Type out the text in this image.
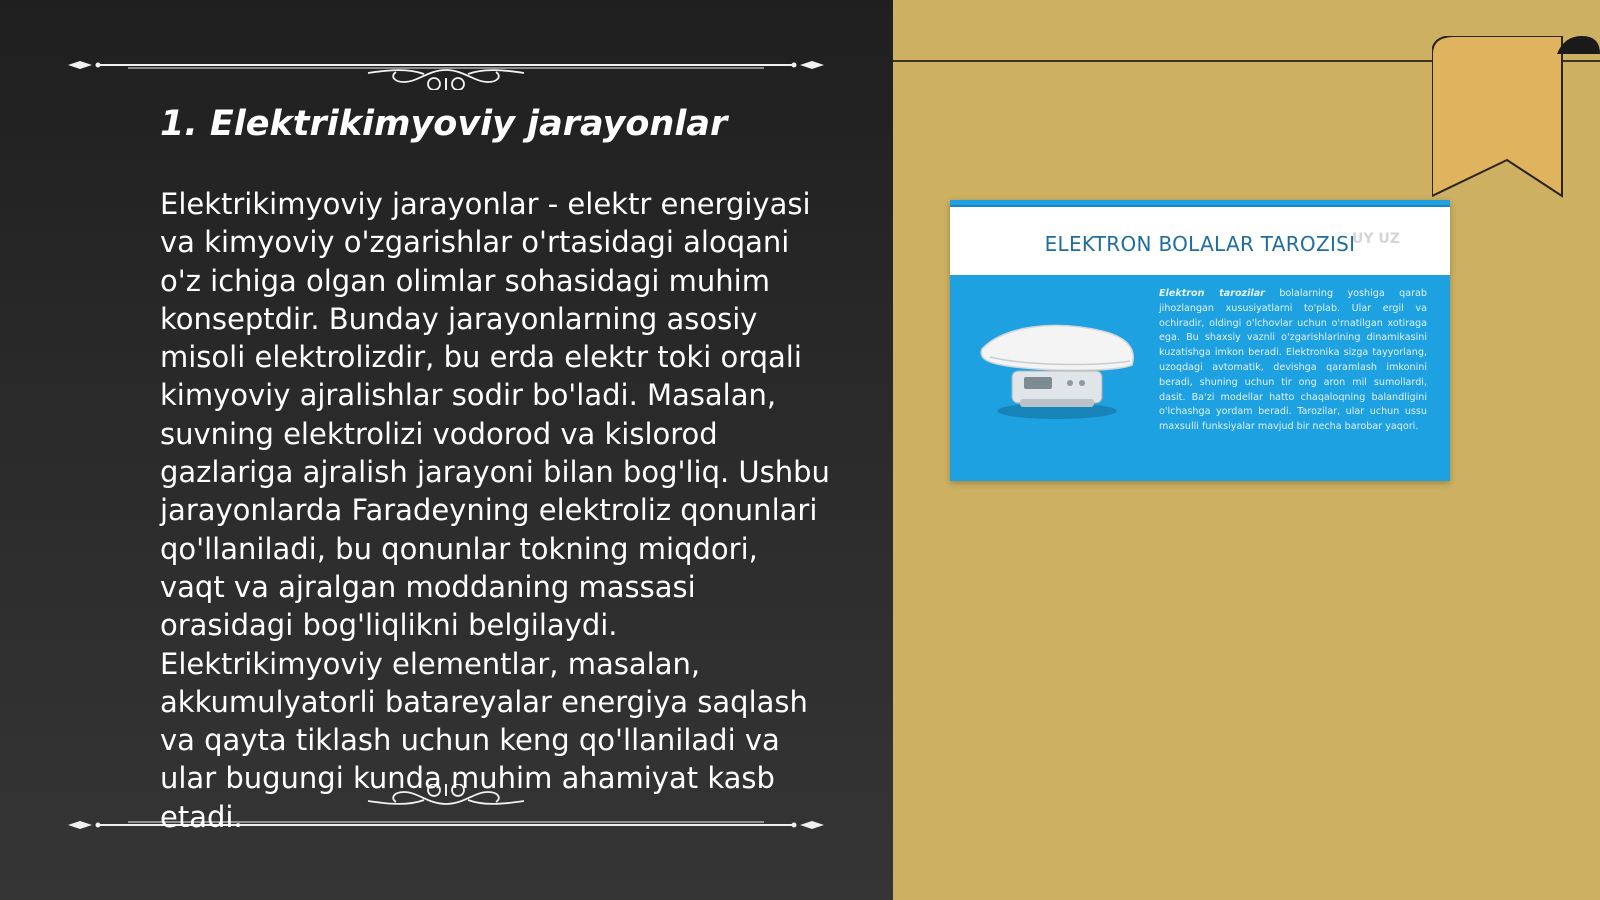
1. Elektrikimyoviy jarayonlar

Elektrikimyoviy jarayonlar - elektr energiyasi va kimyoviy o'zgarishlar o'rtasidagi aloqani o'z ichiga olgan olimlar sohasidagi muhim konseptdir. Bunday jarayonlarning asosiy misoli elektrolizdir, bu erda elektr toki orqali kimyoviy ajralishlar sodir bo'ladi. Masalan, suvning elektrolizi vodorod va kislorod gazlariga ajralish jarayoni bilan bog'liq. Ushbu jarayonlarda Faradeyning elektroliz qonunlari qo'llaniladi, bu qonunlar tokning miqdori, vaqt va ajralgan moddaning massasi orasidagi bog'liqlikni belgilaydi. Elektrikimyoviy elementlar, masalan, akkumulyatorli batareyalar energiya saqlash va qayta tiklash uchun keng qo'llaniladi va ular bugungi kunda muhim ahamiyat kasb etadi.

ELEKTRON BOLALAR TAROZISI
UY UZ

Elektron tarozilar bolalarning yoshiga qarab jihozlangan xususiyatlarni to'plab. Ular ergil va ochiradir, oldingi o'lchovlar uchun o'rnatilgan xotiraga ega. Bu shaxsiy vaznli o'zgarishlarining dinamikasini kuzatishga imkon beradi. Elektronika sizga tayyorlang, uzoqdagi avtomatik, devishga qaramlash imkonini beradi, shuning uchun tir ong aron mil sumollardi, dasit. Ba'zi modellar hatto chaqaloqning balandligini o'lchashga yordam beradi. Tarozilar, ular uchun ussu maxsulli funksiyalar mavjud bir necha barobar yaqori.
